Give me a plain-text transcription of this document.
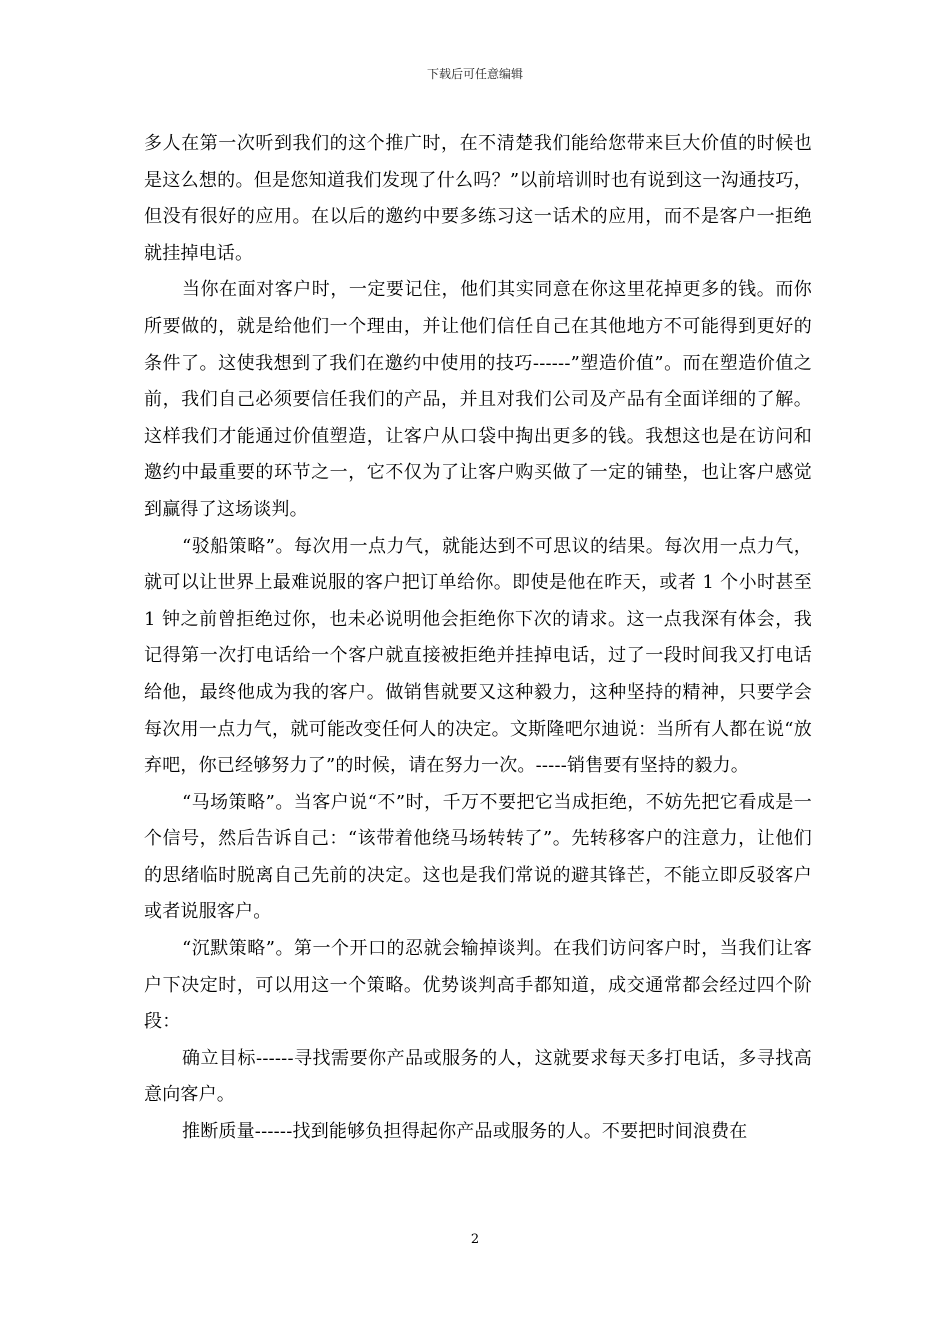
下载后可任意编辑

多人在第一次听到我们的这个推广时，在不清楚我们能给您带来巨大价值的时候也是这么想的。但是您知道我们发现了什么吗？”以前培训时也有说到这一沟通技巧，但没有很好的应用。在以后的邀约中要多练习这一话术的应用，而不是客户一拒绝就挂掉电话。

当你在面对客户时，一定要记住，他们其实同意在你这里花掉更多的钱。而你所要做的，就是给他们一个理由，并让他们信任自己在其他地方不可能得到更好的条件了。这使我想到了我们在邀约中使用的技巧------”塑造价值”。而在塑造价值之前，我们自己必须要信任我们的产品，并且对我们公司及产品有全面详细的了解。这样我们才能通过价值塑造，让客户从口袋中掏出更多的钱。我想这也是在访问和邀约中最重要的环节之一，它不仅为了让客户购买做了一定的铺垫，也让客户感觉到赢得了这场谈判。

“驳船策略”。每次用一点力气，就能达到不可思议的结果。每次用一点力气，就可以让世界上最难说服的客户把订单给你。即使是他在昨天，或者 1 个小时甚至 1 钟之前曾拒绝过你，也未必说明他会拒绝你下次的请求。这一点我深有体会，我记得第一次打电话给一个客户就直接被拒绝并挂掉电话，过了一段时间我又打电话给他，最终他成为我的客户。做销售就要又这种毅力，这种坚持的精神，只要学会每次用一点力气，就可能改变任何人的决定。文斯隆吧尔迪说：当所有人都在说“放弃吧，你已经够努力了”的时候，请在努力一次。-----销售要有坚持的毅力。

“马场策略”。当客户说“不”时，千万不要把它当成拒绝，不妨先把它看成是一个信号，然后告诉自己：“该带着他绕马场转转了”。先转移客户的注意力，让他们的思绪临时脱离自己先前的决定。这也是我们常说的避其锋芒，不能立即反驳客户或者说服客户。

“沉默策略”。第一个开口的忍就会输掉谈判。在我们访问客户时，当我们让客户下决定时，可以用这一个策略。优势谈判高手都知道，成交通常都会经过四个阶段：

确立目标------寻找需要你产品或服务的人，这就要求每天多打电话，多寻找高意向客户。

推断质量------找到能够负担得起你产品或服务的人。不要把时间浪费在

2
